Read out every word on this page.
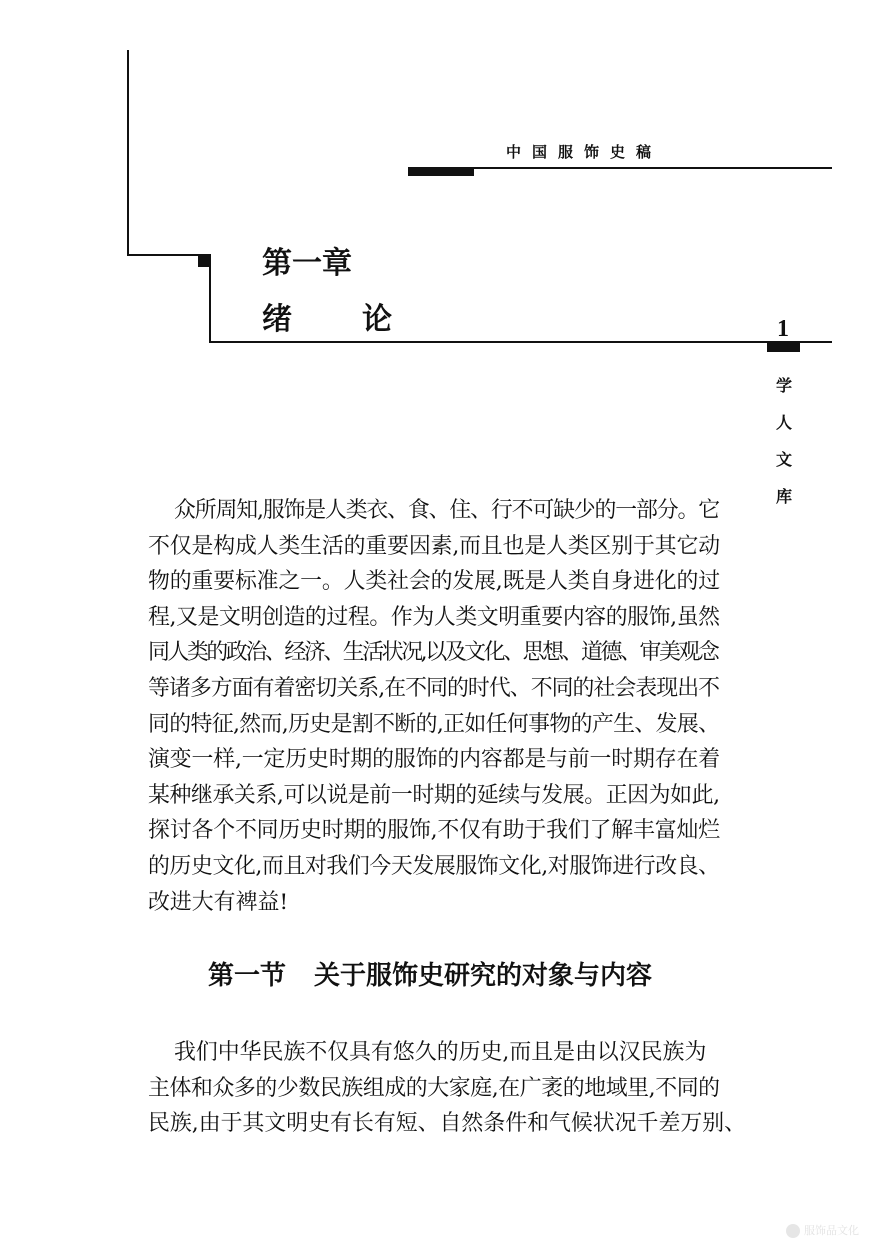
中国服饰史稿
第一章
绪论	1
学
人
文
库

众所周知,服饰是人类衣、食、住、行不可缺少的一部分。它

不仅是构成人类生活的重要因素,而且也是人类区别于其它动

物的重要标准之一。人类社会的发展,既是人类自身进化的过

程,又是文明创造的过程。作为人类文明重要内容的服饰,虽然

同人类的政治、经济、生活状况,以及文化、思想、道德、审美观念

等诸多方面有着密切关系,在不同的时代、不同的社会表现出不

同的特征,然而,历史是割不断的,正如任何事物的产生、发展、

演变一样,一定历史时期的服饰的内容都是与前一时期存在着

某种继承关系,可以说是前一时期的延续与发展。正因为如此,

探讨各个不同历史时期的服饰,不仅有助于我们了解丰富灿烂

的历史文化,而且对我们今天发展服饰文化,对服饰进行改良、

改进大有裨益!

第一节 关于服饰史研究的对象与内容

我们中华民族不仅具有悠久的历史,而且是由以汉民族为

主体和众多的少数民族组成的大家庭,在广袤的地域里,不同的

民族,由于其文明史有长有短、自然条件和气候状况千差万别、

服饰品文化
